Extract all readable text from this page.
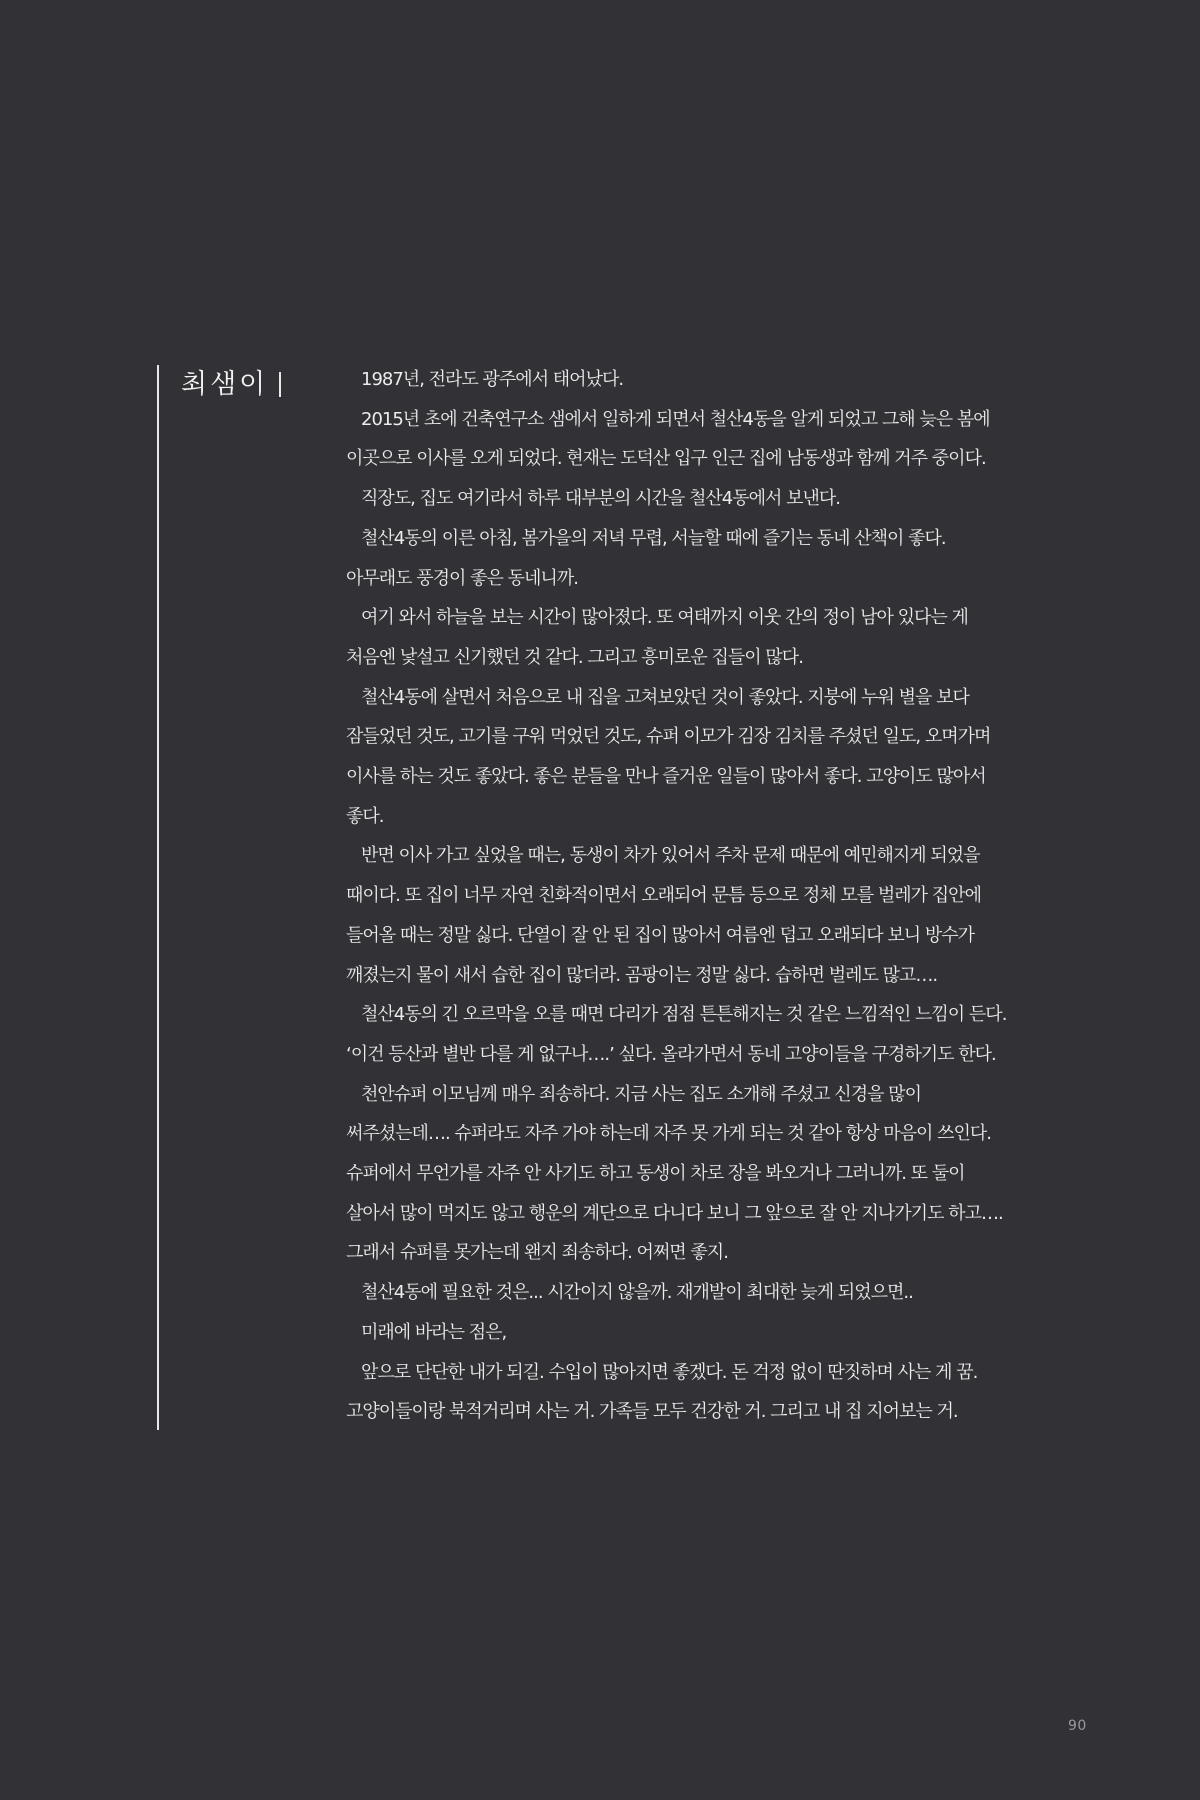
최샘이	1987년, 전라도 광주에서 태어났다.

2015년 초에 건축연구소 샘에서 일하게 되면서 철산4동을 알게 되었고 그해 늦은 봄에

이곳으로 이사를 오게 되었다. 현재는 도덕산 입구 인근 집에 남동생과 함께 거주 중이다.

직장도, 집도 여기라서 하루 대부분의 시간을 철산4동에서 보낸다.

철산4동의 이른 아침, 봄가을의 저녁 무렵, 서늘할 때에 즐기는 동네 산책이 좋다.

아무래도 풍경이 좋은 동네니까.

여기 와서 하늘을 보는 시간이 많아졌다. 또 여태까지 이웃 간의 정이 남아 있다는 게

처음엔 낯설고 신기했던 것 같다. 그리고 흥미로운 집들이 많다.

철산4동에 살면서 처음으로 내 집을 고쳐보았던 것이 좋았다. 지붕에 누워 별을 보다

잠들었던 것도, 고기를 구워 먹었던 것도, 슈퍼 이모가 김장 김치를 주셨던 일도, 오며가며

이사를 하는 것도 좋았다. 좋은 분들을 만나 즐거운 일들이 많아서 좋다. 고양이도 많아서

좋다.

반면 이사 가고 싶었을 때는, 동생이 차가 있어서 주차 문제 때문에 예민해지게 되었을

때이다. 또 집이 너무 자연 친화적이면서 오래되어 문틈 등으로 정체 모를 벌레가 집안에

들어올 때는 정말 싫다. 단열이 잘 안 된 집이 많아서 여름엔 덥고 오래되다 보니 방수가

깨졌는지 물이 새서 습한 집이 많더라. 곰팡이는 정말 싫다. 습하면 벌레도 많고….

철산4동의 긴 오르막을 오를 때면 다리가 점점 튼튼해지는 것 같은 느낌적인 느낌이 든다.

‘이건 등산과 별반 다를 게 없구나….’ 싶다. 올라가면서 동네 고양이들을 구경하기도 한다.

천안슈퍼 이모님께 매우 죄송하다. 지금 사는 집도 소개해 주셨고 신경을 많이

써주셨는데…. 슈퍼라도 자주 가야 하는데 자주 못 가게 되는 것 같아 항상 마음이 쓰인다.

슈퍼에서 무언가를 자주 안 사기도 하고 동생이 차로 장을 봐오거나 그러니까. 또 둘이

살아서 많이 먹지도 않고 행운의 계단으로 다니다 보니 그 앞으로 잘 안 지나가기도 하고….

그래서 슈퍼를 못가는데 왠지 죄송하다. 어쩌면 좋지.

철산4동에 필요한 것은... 시간이지 않을까. 재개발이 최대한 늦게 되었으면..

미래에 바라는 점은,

앞으로 단단한 내가 되길. 수입이 많아지면 좋겠다. 돈 걱정 없이 딴짓하며 사는 게 꿈.

고양이들이랑 북적거리며 사는 거. 가족들 모두 건강한 거. 그리고 내 집 지어보는 거.

90
